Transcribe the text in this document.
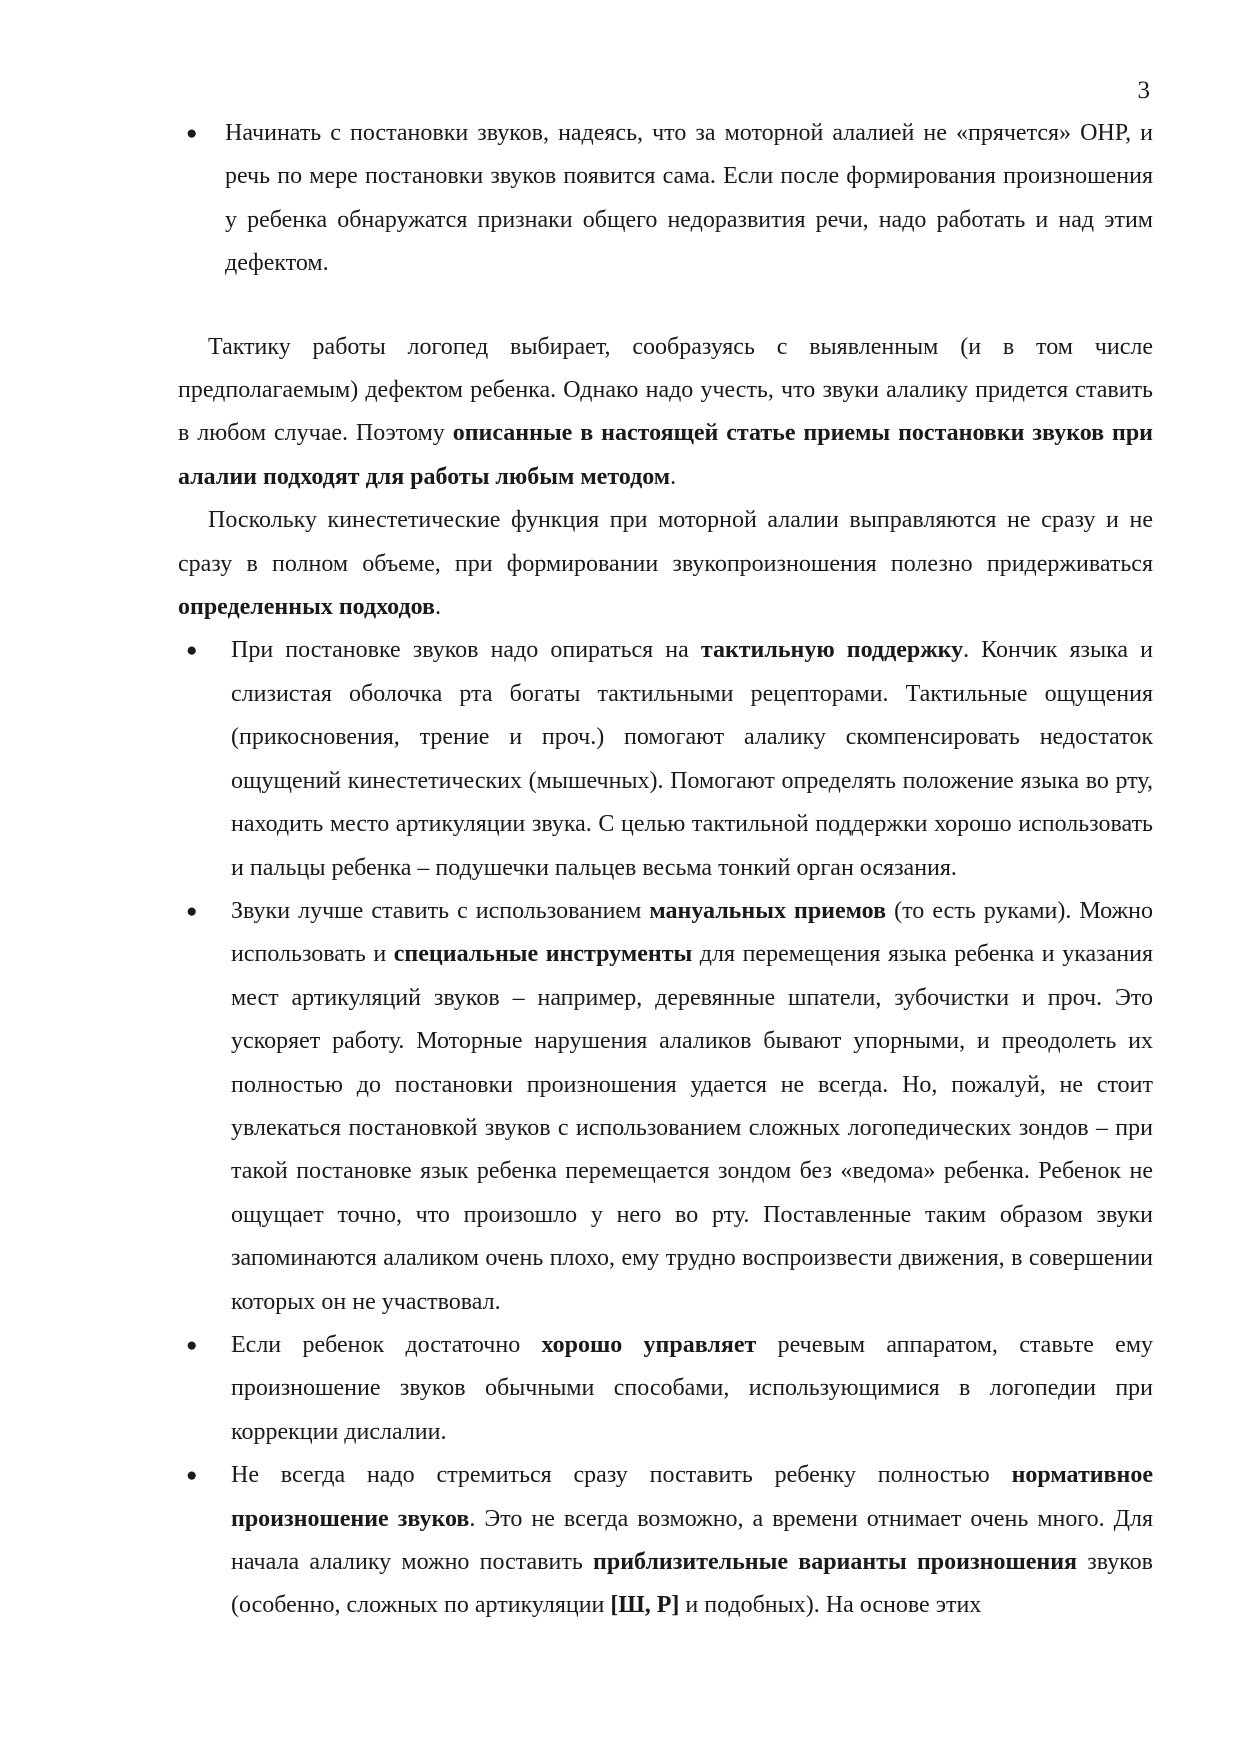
3
● Начинать с постановки звуков, надеясь, что за моторной алалией не «прячется» ОНР, и речь по мере постановки звуков появится сама. Если после формирования произношения у ребенка обнаружатся признаки общего недоразвития речи, надо работать и над этим дефектом.

Тактику работы логопед выбирает, сообразуясь с выявленным (и в том числе предполагаемым) дефектом ребенка. Однако надо учесть, что звуки алалику придется ставить в любом случае. Поэтому описанные в настоящей статье приемы постановки звуков при алалии подходят для работы любым методом.

Поскольку кинестетические функция при моторной алалии выправляются не сразу и не сразу в полном объеме, при формировании звукопроизношения полезно придерживаться определенных подходов.

● При постановке звуков надо опираться на тактильную поддержку. Кончик языка и слизистая оболочка рта богаты тактильными рецепторами. Тактильные ощущения (прикосновения, трение и проч.) помогают алалику скомпенсировать недостаток ощущений кинестетических (мышечных). Помогают определять положение языка во рту, находить место артикуляции звука. С целью тактильной поддержки хорошо использовать и пальцы ребенка – подушечки пальцев весьма тонкий орган осязания.
● Звуки лучше ставить с использованием мануальных приемов (то есть руками). Можно использовать и специальные инструменты для перемещения языка ребенка и указания мест артикуляций звуков – например, деревянные шпатели, зубочистки и проч. Это ускоряет работу. Моторные нарушения алаликов бывают упорными, и преодолеть их полностью до постановки произношения удается не всегда. Но, пожалуй, не стоит увлекаться постановкой звуков с использованием сложных логопедических зондов – при такой постановке язык ребенка перемещается зондом без «ведома» ребенка. Ребенок не ощущает точно, что произошло у него во рту. Поставленные таким образом звуки запоминаются алаликом очень плохо, ему трудно воспроизвести движения, в совершении которых он не участвовал.
● Если ребенок достаточно хорошо управляет речевым аппаратом, ставьте ему произношение звуков обычными способами, использующимися в логопедии при коррекции дислалии.
● Не всегда надо стремиться сразу поставить ребенку полностью нормативное произношение звуков. Это не всегда возможно, а времени отнимает очень много. Для начала алалику можно поставить приблизительные варианты произношения звуков (особенно, сложных по артикуляции [Ш, Р] и подобных). На основе этих
